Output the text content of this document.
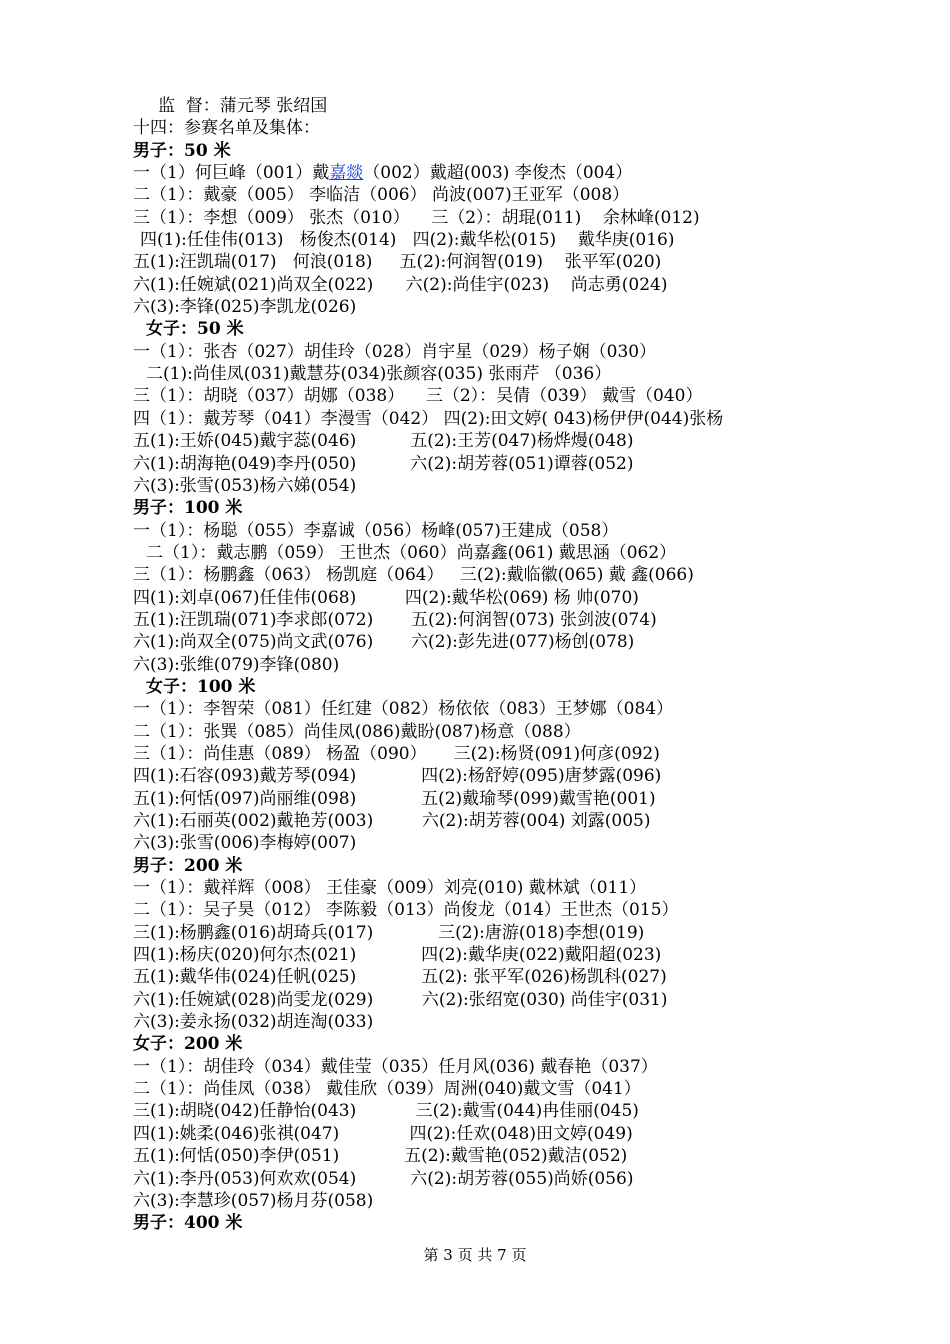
监  督：蒲元琴 张绍国
十四：参赛名单及集体：
男子：50 米
一（1）何巨峰（001）戴嘉燚（002）戴超(003) 李俊杰（004）
二（1）：戴豪（005） 李临洁（006） 尚波(007)王亚军（008）
三（1）：李想（009） 张杰（010）    三（2）：胡琨(011)    余林峰(012)
四(1):任佳伟(013)   杨俊杰(014)   四(2):戴华松(015)    戴华庚(016)
五(1):汪凯瑞(017)   何浪(018)     五(2):何润智(019)    张平军(020)
六(1):任婉斌(021)尚双全(022)      六(2):尚佳宇(023)    尚志勇(024)
六(3):李锋(025)李凯龙(026)
女子：50 米
一（1）：张杏（027）胡佳玲（028）肖宇星（029）杨子娴（030）
二(1):尚佳凤(031)戴慧芬(034)张颜容(035) 张雨芹 （036）
三（1）：胡晓（037）胡娜（038）    三（2）：吴倩（039） 戴雪（040）
四（1）：戴芳琴（041）李漫雪（042） 四(2):田文婷( 043)杨伊伊(044)张杨
五(1):王娇(045)戴宇蕊(046)          五(2):王芳(047)杨烨熳(048)
六(1):胡海艳(049)李丹(050)          六(2):胡芳蓉(051)谭蓉(052)
六(3):张雪(053)杨六娣(054)
男子：100 米
一（1）：杨聪（055）李嘉诚（056）杨峰(057)王建成（058）
二（1）：戴志鹏（059） 王世杰（060）尚嘉鑫(061) 戴思涵（062）
三（1）：杨鹏鑫（063） 杨凯庭（064）   三(2):戴临徽(065) 戴 鑫(066)
四(1):刘卓(067)任佳伟(068)         四(2):戴华松(069) 杨 帅(070)
五(1):汪凯瑞(071)李求郎(072)       五(2):何润智(073) 张剑波(074)
六(1):尚双全(075)尚文武(076)       六(2):彭先进(077)杨创(078)
六(3):张维(079)李锋(080)
女子：100 米
一（1）：李智荣（081）任红建（082）杨依依（083）王梦娜（084）
二（1）：张巽（085）尚佳凤(086)戴盼(087)杨意（088）
三（1）：尚佳惠（089） 杨盈（090）     三(2):杨贤(091)何彦(092)
四(1):石容(093)戴芳琴(094)            四(2):杨舒婷(095)唐梦露(096)
五(1):何恬(097)尚丽维(098)            五(2)戴瑜琴(099)戴雪艳(001)
六(1):石丽英(002)戴艳芳(003)         六(2):胡芳蓉(004) 刘露(005)
六(3):张雪(006)李梅婷(007)
男子：200 米
一（1）：戴祥辉（008） 王佳豪（009）刘亮(010) 戴林斌（011）
二（1）：吴子昊（012） 李陈毅（013）尚俊龙（014）王世杰（015）
三(1):杨鹏鑫(016)胡琦兵(017)            三(2):唐游(018)李想(019)
四(1):杨庆(020)何尔杰(021)            四(2):戴华庚(022)戴阳超(023)
五(1):戴华伟(024)任帆(025)            五(2): 张平军(026)杨凯科(027)
六(1):任婉斌(028)尚雯龙(029)         六(2):张绍宽(030) 尚佳宇(031)
六(3):姜永扬(032)胡连淘(033)
女子：200 米
一（1）：胡佳玲（034）戴佳莹（035）任月风(036) 戴春艳（037）
二（1）：尚佳凤（038） 戴佳欣（039）周洲(040)戴文雪（041）
三(1):胡晓(042)任静怡(043)           三(2):戴雪(044)冉佳丽(045)
四(1):姚柔(046)张祺(047)             四(2):任欢(048)田文婷(049)
五(1):何恬(050)李伊(051)            五(2):戴雪艳(052)戴洁(052)
六(1):李丹(053)何欢欢(054)          六(2):胡芳蓉(055)尚娇(056)
六(3):李慧珍(057)杨月芬(058)
男子：400 米
第 3 页 共 7 页
